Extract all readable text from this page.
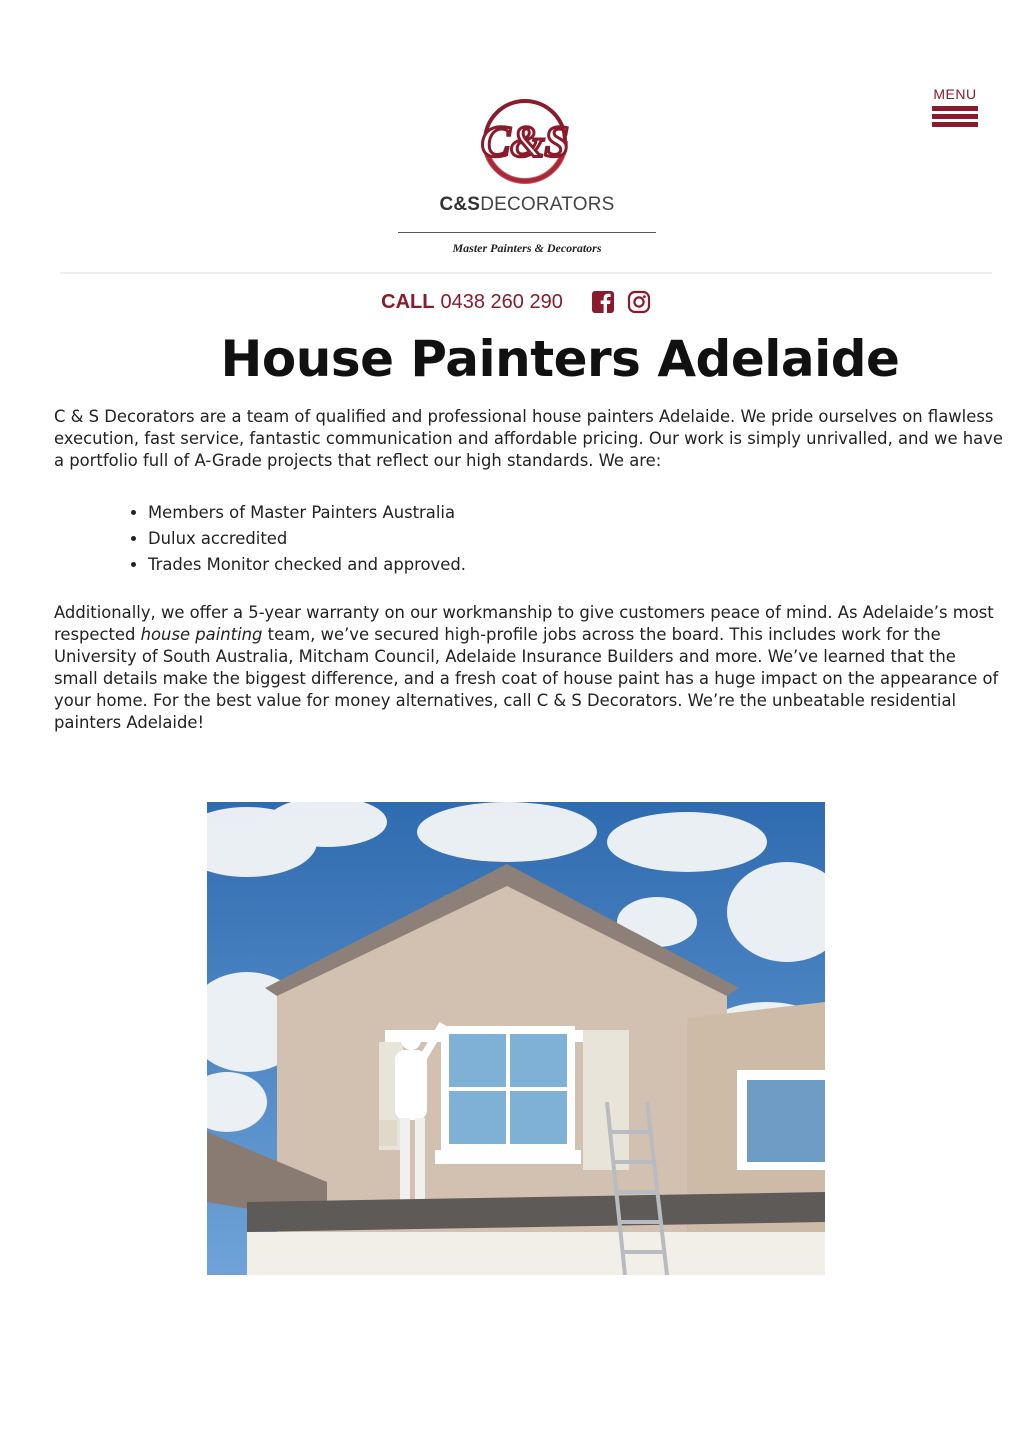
MENU
C&S
C&SDECORATORS
Master Painters & Decorators
CALL 0438 260 290
House Painters Adelaide

C & S Decorators are a team of qualified and professional house painters Adelaide. We pride ourselves on flawless execution, fast service, fantastic communication and affordable pricing. Our work is simply unrivalled, and we have a portfolio full of A-Grade projects that reflect our high standards. We are:

• Members of Master Painters Australia
• Dulux accredited
• Trades Monitor checked and approved.

Additionally, we offer a 5-year warranty on our workmanship to give customers peace of mind. As Adelaide’s most respected house painting team, we’ve secured high-profile jobs across the board. This includes work for the University of South Australia, Mitcham Council, Adelaide Insurance Builders and more. We’ve learned that the small details make the biggest difference, and a fresh coat of house paint has a huge impact on the appearance of your home. For the best value for money alternatives, call C & S Decorators. We’re the unbeatable residential painters Adelaide!
